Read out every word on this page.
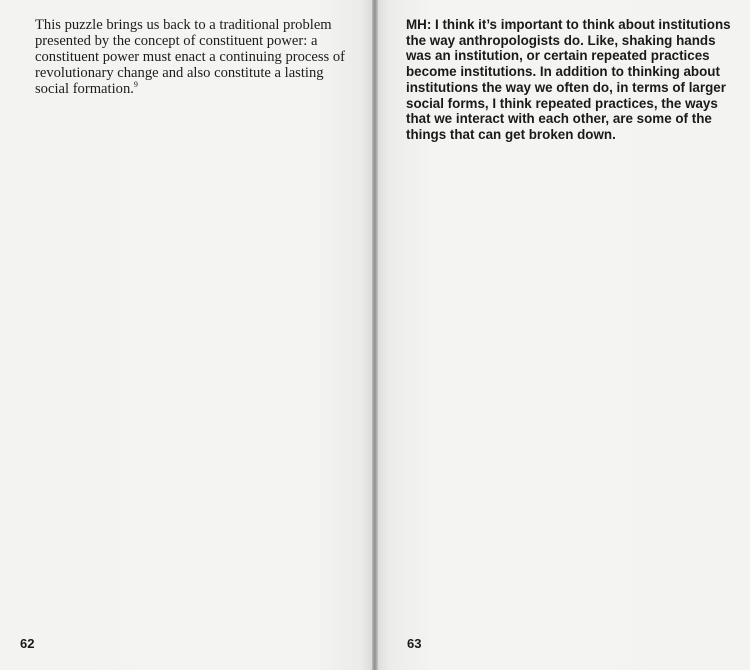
This puzzle brings us back to a traditional problem presented by the concept of constituent power: a constituent power must enact a continuing process of revolutionary change and also constitute a lasting social formation.$^9$

62

MH: I think it’s important to think about institutions the way anthropologists do. Like, shaking hands was an institution, or certain repeated practices become institutions. In addition to thinking about institutions the way we often do, in terms of larger social forms, I think repeated practices, the ways that we interact with each other, are some of the things that can get broken down.

63
